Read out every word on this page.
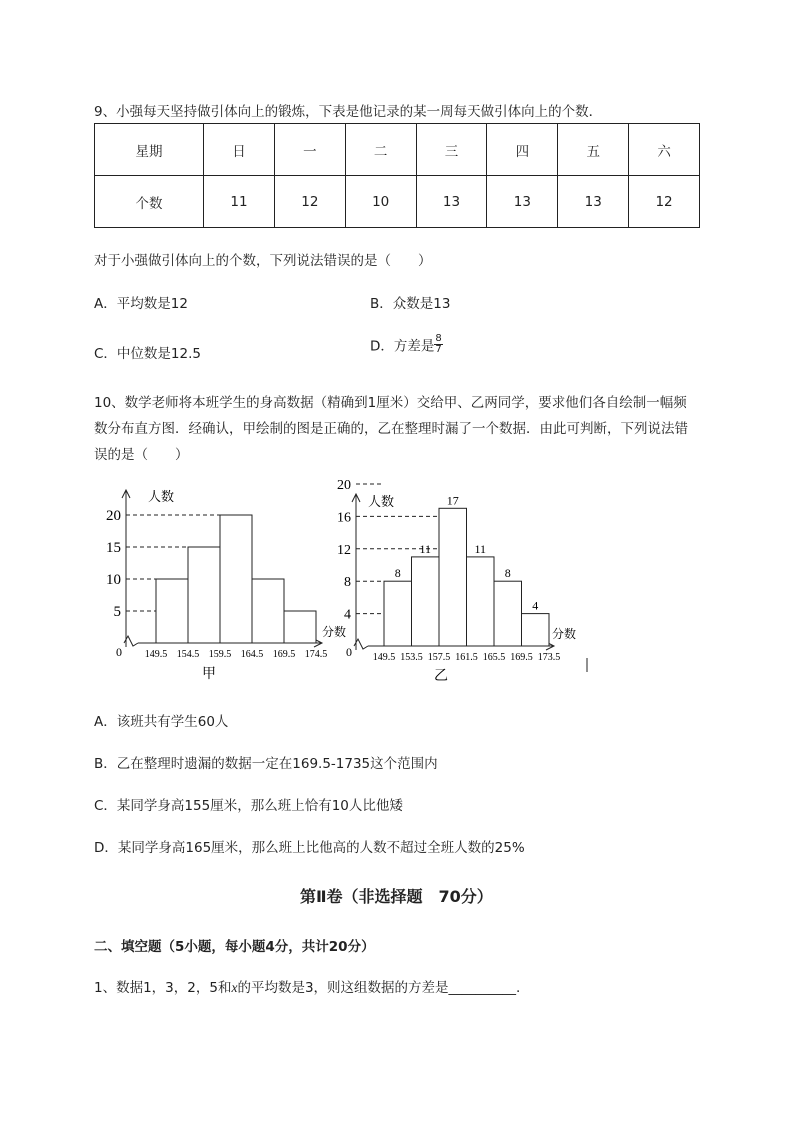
9、小强每天坚持做引体向上的锻炼，下表是他记录的某一周每天做引体向上的个数．
星期	日	一	二	三	四	五	六
个数	11	12	10	13	13	13	12
对于小强做引体向上的个数，下列说法错误的是（　　）
A．平均数是12	B．众数是13
C．中位数是12.5	D．方差是 $\frac{8}{7}$
10、数学老师将本班学生的身高数据（精确到1厘米）交给甲、乙两同学，要求他们各自绘制一幅频
数分布直方图．经确认，甲绘制的图是正确的，乙在整理时漏了一个数据．由此可判断，下列说法错
误的是（　　）
5
10
15
20
149.5 154.5 159.5 164.5 169.5 174.5
人数
分数
0
甲
4
8
12
16
20
149.5 153.5 157.5 161.5 165.5 169.5 173.5
8
11
17
11
8
4
人数
分数
0
乙
A．该班共有学生60人
B．乙在整理时遗漏的数据一定在169.5-1735这个范围内
C．某同学身高155厘米，那么班上恰有10人比他矮
D．某同学身高165厘米，那么班上比他高的人数不超过全班人数的25%
第Ⅱ卷（非选择题　70分）
二、填空题（5小题，每小题4分，共计20分）
1、数据1，3，2，5和x的平均数是3，则这组数据的方差是__________.
